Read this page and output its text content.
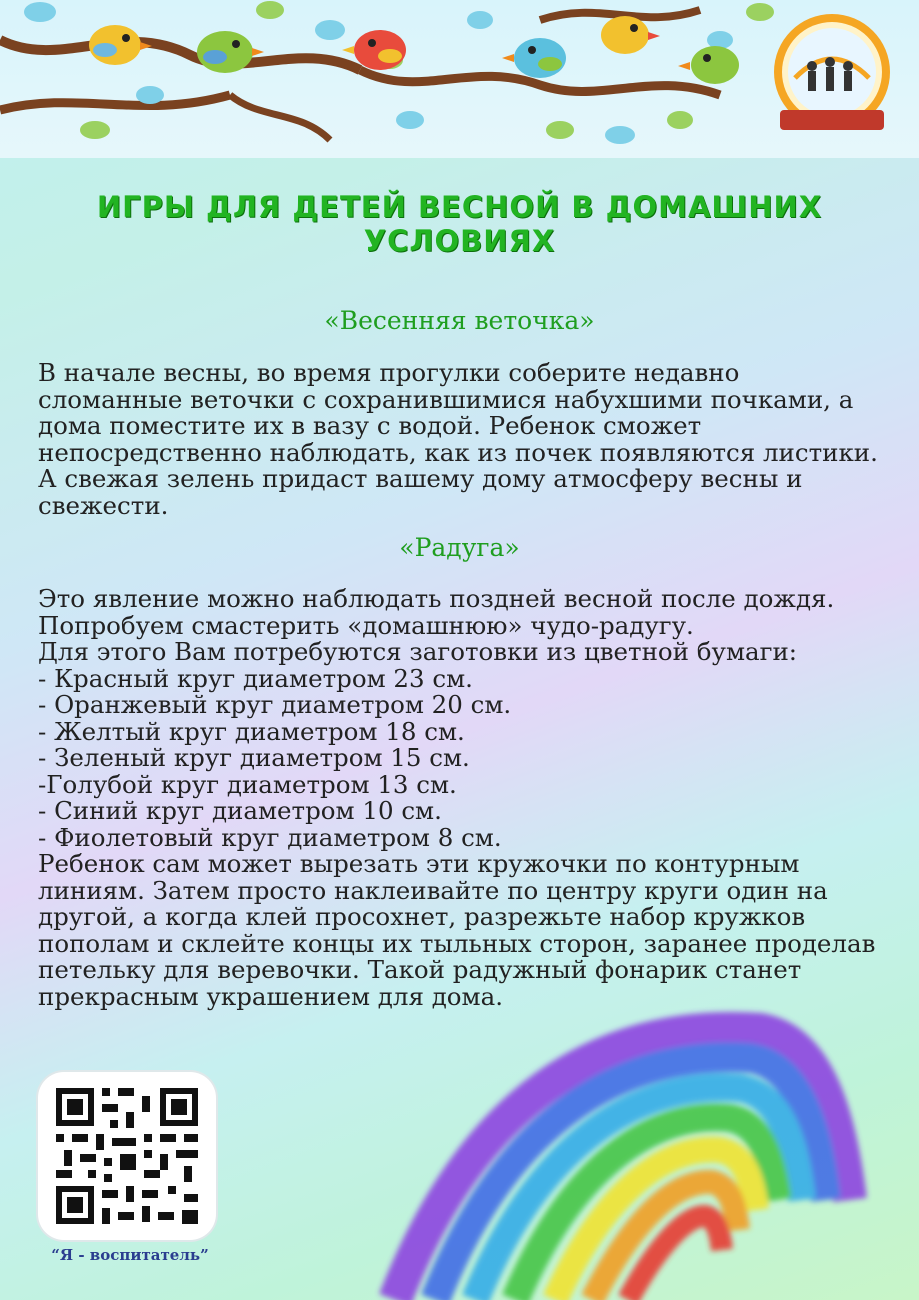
ИГРЫ ДЛЯ ДЕТЕЙ ВЕСНОЙ В ДОМАШНИХ УСЛОВИЯХ
«Весенняя веточка»
В начале весны, во время прогулки соберите недавно сломанные веточки с сохранившимися набухшими почками, а дома поместите их в вазу с водой. Ребенок сможет непосредственно наблюдать, как из почек появляются листики. А свежая зелень придаст вашему дому атмосферу весны и свежести.
«Радуга»
Это явление можно наблюдать поздней весной после дождя. Попробуем смастерить «домашнюю» чудо-радугу.
Для этого Вам потребуются заготовки из цветной бумаги:
- Красный круг диаметром 23 см.
- Оранжевый круг диаметром 20 см.
- Желтый круг диаметром 18 см.
- Зеленый круг диаметром 15 см.
-Голубой круг диаметром 13 см.
- Синий круг диаметром 10 см.
- Фиолетовый круг диаметром 8 см.
Ребенок сам может вырезать эти кружочки по контурным линиям. Затем просто наклеивайте по центру круги один на другой, а когда клей просохнет, разрежьте набор кружков пополам и склейте концы их тыльных сторон, заранее проделав петельку для веревочки. Такой радужный фонарик станет прекрасным украшением для дома.
“Я - воспитатель”
